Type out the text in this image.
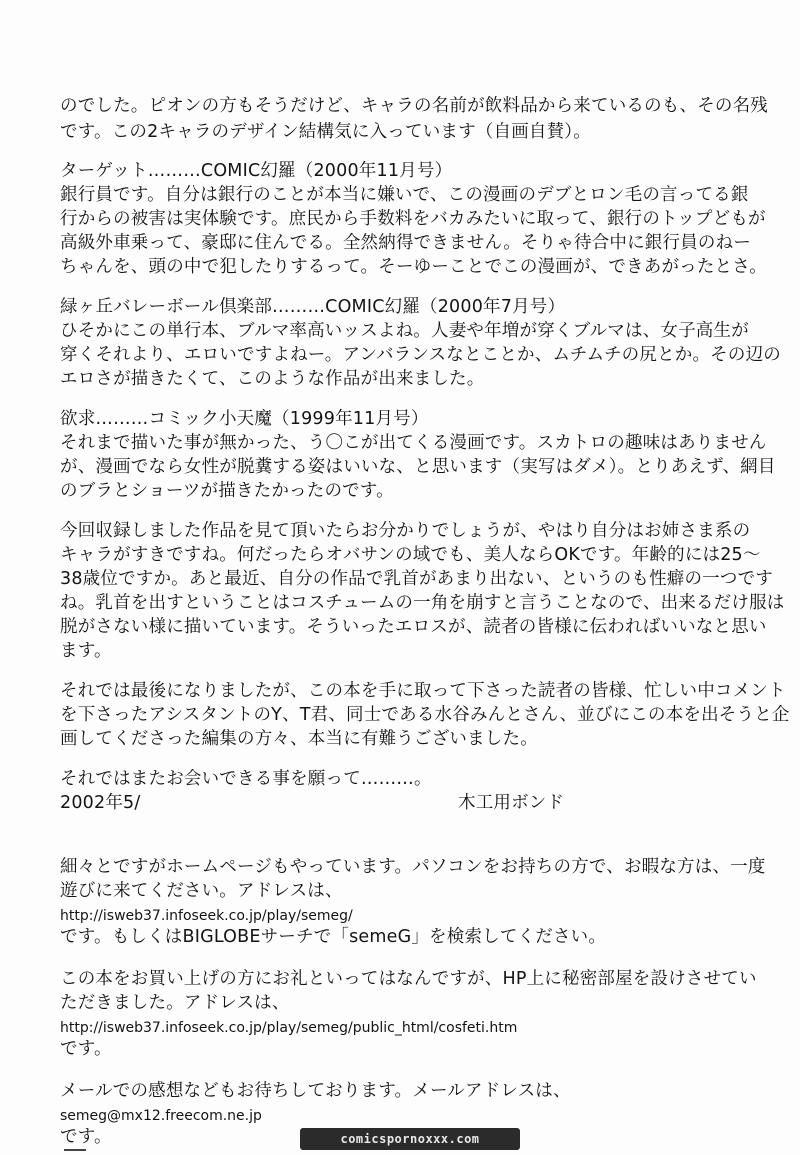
のでした。ピオンの方もそうだけど、キャラの名前が飲料品から来ているのも、その名残
です。この2キャラのデザイン結構気に入っています（自画自賛）。
ターゲット………COMIC幻羅（2000年11月号）
銀行員です。自分は銀行のことが本当に嫌いで、この漫画のデブとロン毛の言ってる銀
行からの被害は実体験です。庶民から手数料をバカみたいに取って、銀行のトップどもが
高級外車乗って、豪邸に住んでる。全然納得できません。そりゃ待合中に銀行員のねー
ちゃんを、頭の中で犯したりするって。そーゆーことでこの漫画が、できあがったとさ。
緑ヶ丘バレーボール倶楽部………COMIC幻羅（2000年7月号）
ひそかにこの単行本、ブルマ率高いッスよね。人妻や年増が穿くブルマは、女子高生が
穿くそれより、エロいですよねー。アンバランスなとことか、ムチムチの尻とか。その辺の
エロさが描きたくて、このような作品が出来ました。
欲求………コミック小天魔（1999年11月号）
それまで描いた事が無かった、う〇こが出てくる漫画です。スカトロの趣味はありません
が、漫画でなら女性が脱糞する姿はいいな、と思います（実写はダメ）。とりあえず、網目
のブラとショーツが描きたかったのです。
今回収録しました作品を見て頂いたらお分かりでしょうが、やはり自分はお姉さま系の
キャラがすきですね。何だったらオバサンの域でも、美人ならOKです。年齢的には25〜
38歳位ですか。あと最近、自分の作品で乳首があまり出ない、というのも性癖の一つです
ね。乳首を出すということはコスチュームの一角を崩すと言うことなので、出来るだけ服は
脱がさない様に描いています。そういったエロスが、読者の皆様に伝わればいいなと思い
ます。
それでは最後になりましたが、この本を手に取って下さった読者の皆様、忙しい中コメント
を下さったアシスタントのY、T君、同士である水谷みんとさん、並びにこの本を出そうと企
画してくださった編集の方々、本当に有難うございました。
それではまたお会いできる事を願って………。
2002年5/	木工用ボンド
細々とですがホームページもやっています。パソコンをお持ちの方で、お暇な方は、一度
遊びに来てください。アドレスは、
http://isweb37.infoseek.co.jp/play/semeg/
です。もしくはBIGLOBEサーチで「semeG」を検索してください。
この本をお買い上げの方にお礼といってはなんですが、HP上に秘密部屋を設けさせてい
ただきました。アドレスは、
http://isweb37.infoseek.co.jp/play/semeg/public_html/cosfeti.htm
です。
メールでの感想などもお待ちしております。メールアドレスは、
semeg@mx12.freecom.ne.jp
です。	comicspornoxxx.com
